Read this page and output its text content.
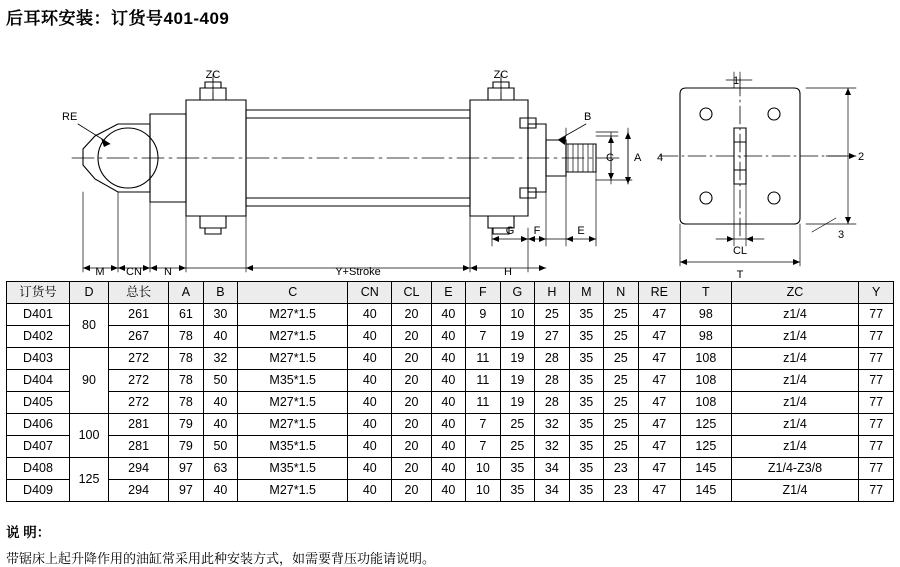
后耳环安装：订货号401-409
RE
ZC	ZC
B
C A 4
1
2
3
CL
T
M CN N	Y+Stroke	H
G F	E
订货号	D	总长	A	B	C	CN	CL	E	F	G	H	M	N	RE	T	ZC	Y
D401	80	261	61	30	M27*1.5	40	20	40	9	10	25	35	25	47	98	z1/4	77
D402		267	78	40	M27*1.5	40	20	40	7	19	27	35	25	47	98	z1/4	77
D403	90	272	78	32	M27*1.5	40	20	40	11	19	28	35	25	47	108	z1/4	77
D404		272	78	50	M35*1.5	40	20	40	11	19	28	35	25	47	108	z1/4	77
D405		272	78	40	M27*1.5	40	20	40	11	19	28	35	25	47	108	z1/4	77
D406	100	281	79	40	M27*1.5	40	20	40	7	25	32	35	25	47	125	z1/4	77
D407		281	79	50	M35*1.5	40	20	40	7	25	32	35	25	47	125	z1/4	77
D408	125	294	97	63	M35*1.5	40	20	40	10	35	34	35	23	47	145	Z1/4-Z3/8	77
D409		294	97	40	M27*1.5	40	20	40	10	35	34	35	23	47	145	Z1/4	77
说 明：
带锯床上起升降作用的油缸常采用此种安装方式，如需要背压功能请说明。
